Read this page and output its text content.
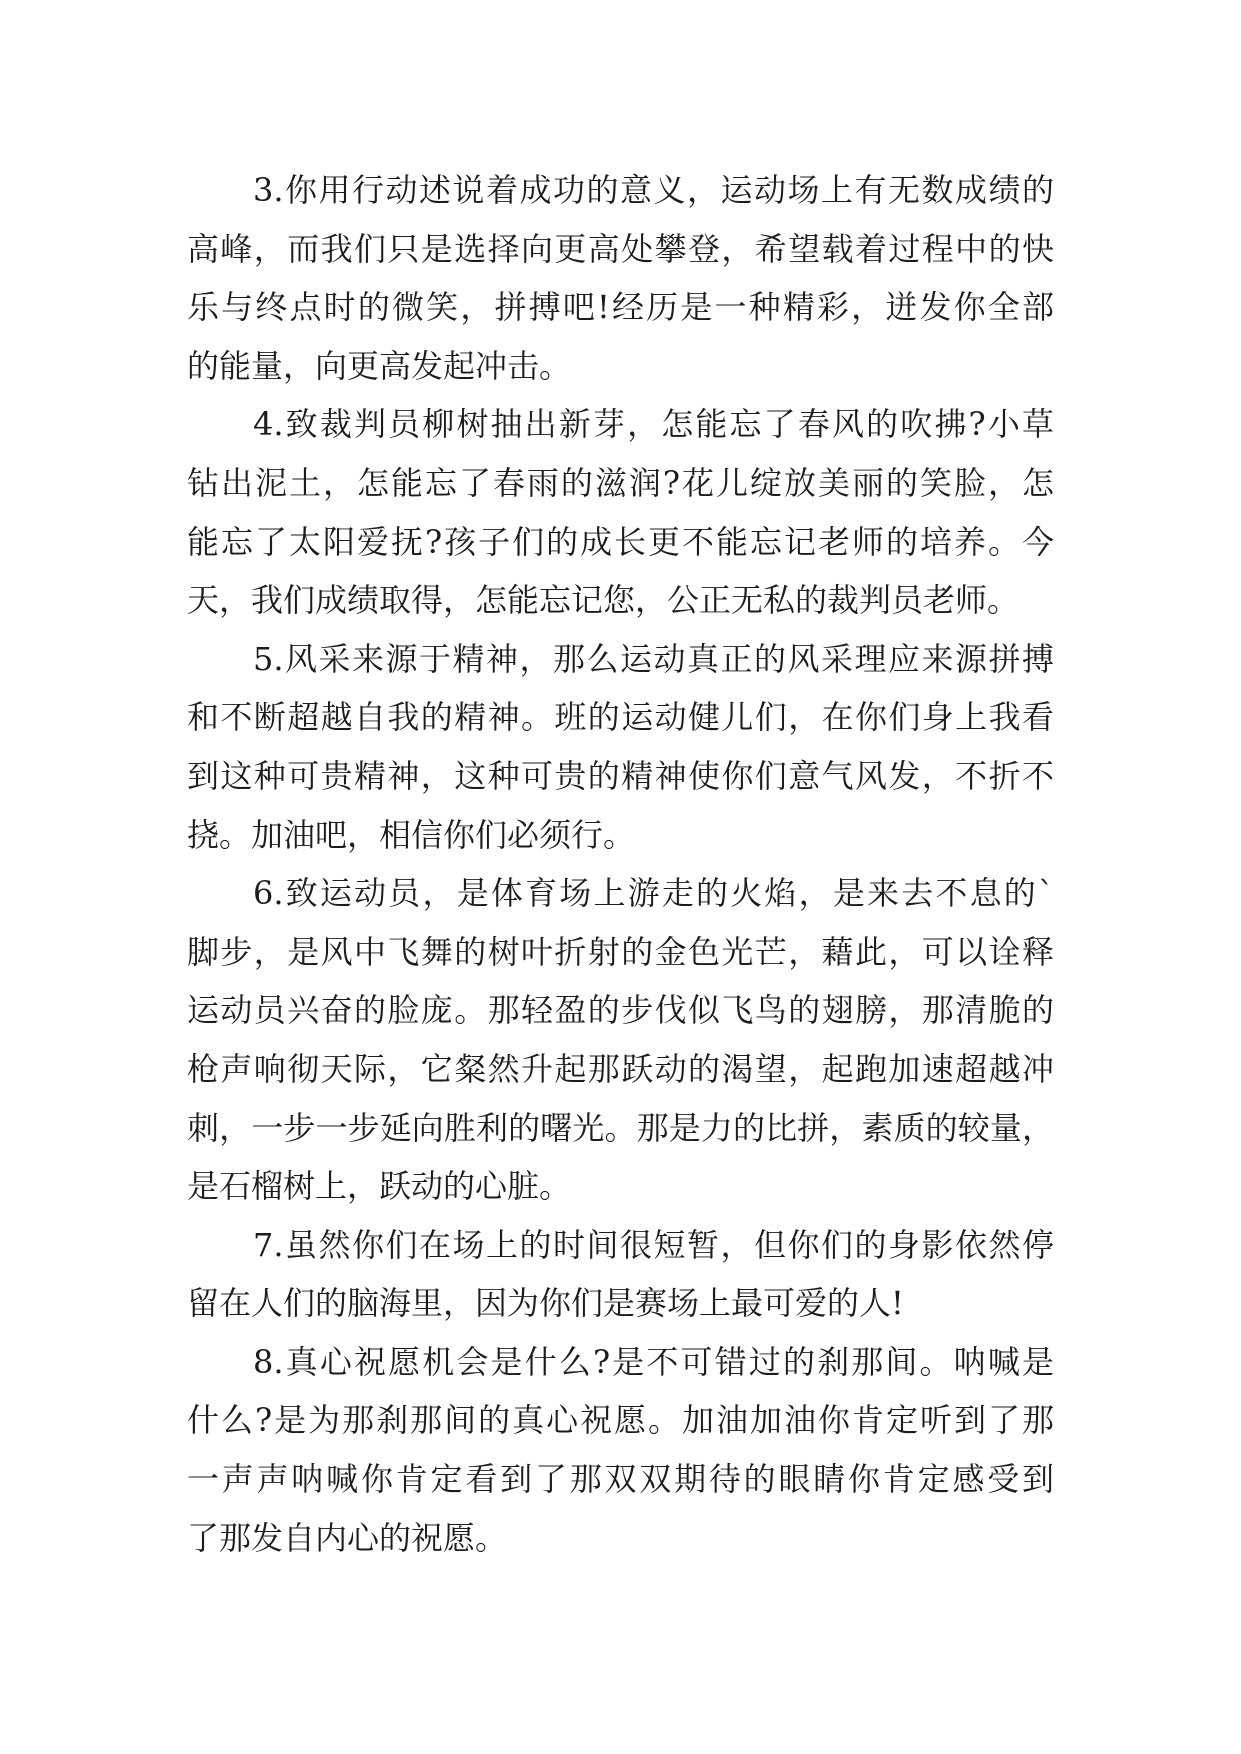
3.你用行动述说着成功的意义，运动场上有无数成绩的
高峰，而我们只是选择向更高处攀登，希望载着过程中的快
乐与终点时的微笑，拼搏吧!经历是一种精彩，迸发你全部
的能量，向更高发起冲击。
4.致裁判员柳树抽出新芽，怎能忘了春风的吹拂?小草
钻出泥土，怎能忘了春雨的滋润?花儿绽放美丽的笑脸，怎
能忘了太阳爱抚?孩子们的成长更不能忘记老师的培养。今
天，我们成绩取得，怎能忘记您，公正无私的裁判员老师。
5.风采来源于精神，那么运动真正的风采理应来源拼搏
和不断超越自我的精神。班的运动健儿们，在你们身上我看
到这种可贵精神，这种可贵的精神使你们意气风发，不折不
挠。加油吧，相信你们必须行。
6.致运动员，是体育场上游走的火焰，是来去不息的`
脚步，是风中飞舞的树叶折射的金色光芒，藉此，可以诠释
运动员兴奋的脸庞。那轻盈的步伐似飞鸟的翅膀，那清脆的
枪声响彻天际，它粲然升起那跃动的渴望，起跑加速超越冲
刺，一步一步延向胜利的曙光。那是力的比拼，素质的较量，
是石榴树上，跃动的心脏。
7.虽然你们在场上的时间很短暂，但你们的身影依然停
留在人们的脑海里，因为你们是赛场上最可爱的人!
8.真心祝愿机会是什么?是不可错过的刹那间。呐喊是
什么?是为那刹那间的真心祝愿。加油加油你肯定听到了那
一声声呐喊你肯定看到了那双双期待的眼睛你肯定感受到
了那发自内心的祝愿。
